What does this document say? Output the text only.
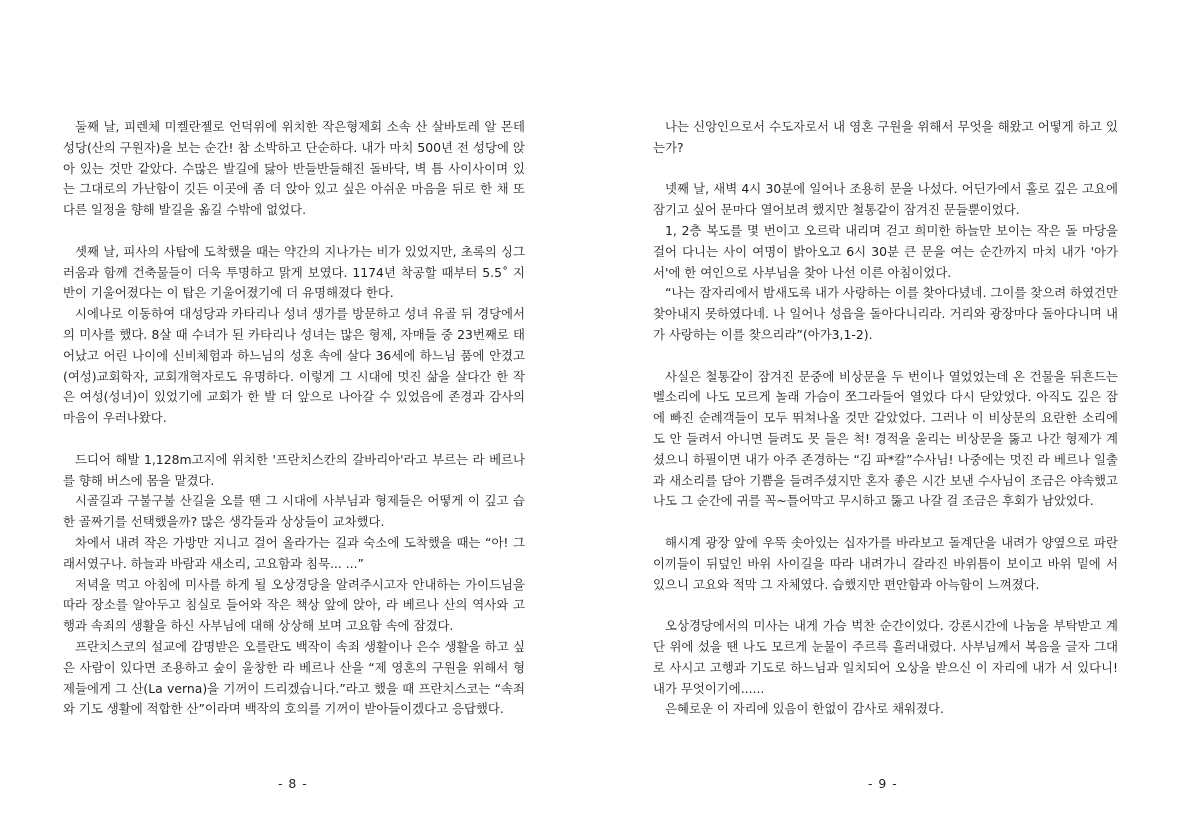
둘째 날, 피렌체 미켈란젤로 언덕위에 위치한 작은형제회 소속 산 살바토레 알 몬테 성당(산의 구원자)을 보는 순간! 참 소박하고 단순하다. 내가 마치 500년 전 성당에 앉아 있는 것만 같았다. 수많은 발길에 닳아 반들반들해진 돌바닥, 벽 틈 사이사이며 있는 그대로의 가난함이 깃든 이곳에 좀 더 앉아 있고 싶은 아쉬운 마음을 뒤로 한 채 또 다른 일정을 향해 발길을 옮길 수밖에 없었다.

셋째 날, 피사의 사탑에 도착했을 때는 약간의 지나가는 비가 있었지만, 초록의 싱그러움과 함께 건축물들이 더욱 투명하고 맑게 보였다. 1174년 착공할 때부터 5.5˚ 지반이 기울어졌다는 이 탑은 기울어졌기에 더 유명해졌다 한다.

시에나로 이동하여 대성당과 카타리나 성녀 생가를 방문하고 성녀 유골 뒤 경당에서의 미사를 했다. 8살 때 수녀가 된 카타리나 성녀는 많은 형제, 자매들 중 23번째로 태어났고 어린 나이에 신비체험과 하느님의 성혼 속에 살다 36세에 하느님 품에 안겼고 (여성)교회학자, 교회개혁자로도 유명하다. 이렇게 그 시대에 멋진 삶을 살다간 한 작은 여성(성녀)이 있었기에 교회가 한 발 더 앞으로 나아갈 수 있었음에 존경과 감사의 마음이 우러나왔다.

드디어 해발 1,128m고지에 위치한 '프란치스칸의 갈바리아'라고 부르는 라 베르나를 향해 버스에 몸을 맡겼다.

시골길과 구불구불 산길을 오를 땐 그 시대에 사부님과 형제들은 어떻게 이 깊고 습한 골짜기를 선택했을까? 많은 생각들과 상상들이 교차했다.

차에서 내려 작은 가방만 지니고 걸어 올라가는 길과 숙소에 도착했을 때는 “아! 그래서였구나. 하늘과 바람과 새소리, 고요함과 침묵... ...”

저녁을 먹고 아침에 미사를 하게 될 오상경당을 알려주시고자 안내하는 가이드님을 따라 장소를 알아두고 침실로 들어와 작은 책상 앞에 앉아, 라 베르나 산의 역사와 고행과 속죄의 생활을 하신 사부님에 대해 상상해 보며 고요함 속에 잠겼다.

프란치스코의 설교에 감명받은 오를란도 백작이 속죄 생활이나 은수 생활을 하고 싶은 사람이 있다면 조용하고 숲이 울창한 라 베르나 산을 “제 영혼의 구원을 위해서 형제들에게 그 산(La verna)을 기꺼이 드리겠습니다.”라고 했을 때 프란치스코는 “속죄와 기도 생활에 적합한 산”이라며 백작의 호의를 기꺼이 받아들이겠다고 응답했다.

- 8 -

나는 신앙인으로서 수도자로서 내 영혼 구원을 위해서 무엇을 해왔고 어떻게 하고 있는가?

넷째 날, 새벽 4시 30분에 일어나 조용히 문을 나섰다. 어딘가에서 홀로 깊은 고요에 잠기고 싶어 문마다 열어보려 했지만 철통같이 잠겨진 문들뿐이었다.

1, 2층 복도를 몇 번이고 오르락 내리며 걷고 희미한 하늘만 보이는 작은 돌 마당을 걸어 다니는 사이 여명이 밝아오고 6시 30분 큰 문을 여는 순간까지 마치 내가 '아가서'에 한 여인으로 사부님을 찾아 나선 이른 아침이었다.

“나는 잠자리에서 밤새도록 내가 사랑하는 이를 찾아다녔네. 그이를 찾으려 하였건만 찾아내지 못하였다네. 나 일어나 성읍을 돌아다니리라. 거리와 광장마다 돌아다니며 내가 사랑하는 이를 찾으리라”(아가3,1-2).

사실은 철통같이 잠겨진 문중에 비상문을 두 번이나 열었었는데 온 건물을 뒤흔드는 벨소리에 나도 모르게 놀래 가슴이 쪼그라들어 열었다 다시 닫았었다. 아직도 깊은 잠에 빠진 순례객들이 모두 뛰쳐나올 것만 같았었다. 그러나 이 비상문의 요란한 소리에도 안 들려서 아니면 들려도 못 들은 척! 경적을 울리는 비상문을 뚫고 나간 형제가 계셨으니 하필이면 내가 아주 존경하는 “김 파*칼”수사님! 나중에는 멋진 라 베르나 일출과 새소리를 담아 기쁨을 들려주셨지만 혼자 좋은 시간 보낸 수사님이 조금은 야속했고 나도 그 순간에 귀를 꼭~틀어막고 무시하고 뚫고 나갈 걸 조금은 후회가 남았었다.

해시계 광장 앞에 우뚝 솟아있는 십자가를 바라보고 돌계단을 내려가 양옆으로 파란 이끼들이 뒤덮인 바위 사이길을 따라 내려가니 갈라진 바위틈이 보이고 바위 밑에 서 있으니 고요와 적막 그 자체였다. 습했지만 편안함과 아늑함이 느껴졌다.

오상경당에서의 미사는 내게 가슴 벅찬 순간이었다. 강론시간에 나눔을 부탁받고 계단 위에 섰을 땐 나도 모르게 눈물이 주르륵 흘러내렸다. 사부님께서 복음을 글자 그대로 사시고 고행과 기도로 하느님과 일치되어 오상을 받으신 이 자리에 내가 서 있다니! 내가 무엇이기에......

은혜로운 이 자리에 있음이 한없이 감사로 채워졌다.

- 9 -
